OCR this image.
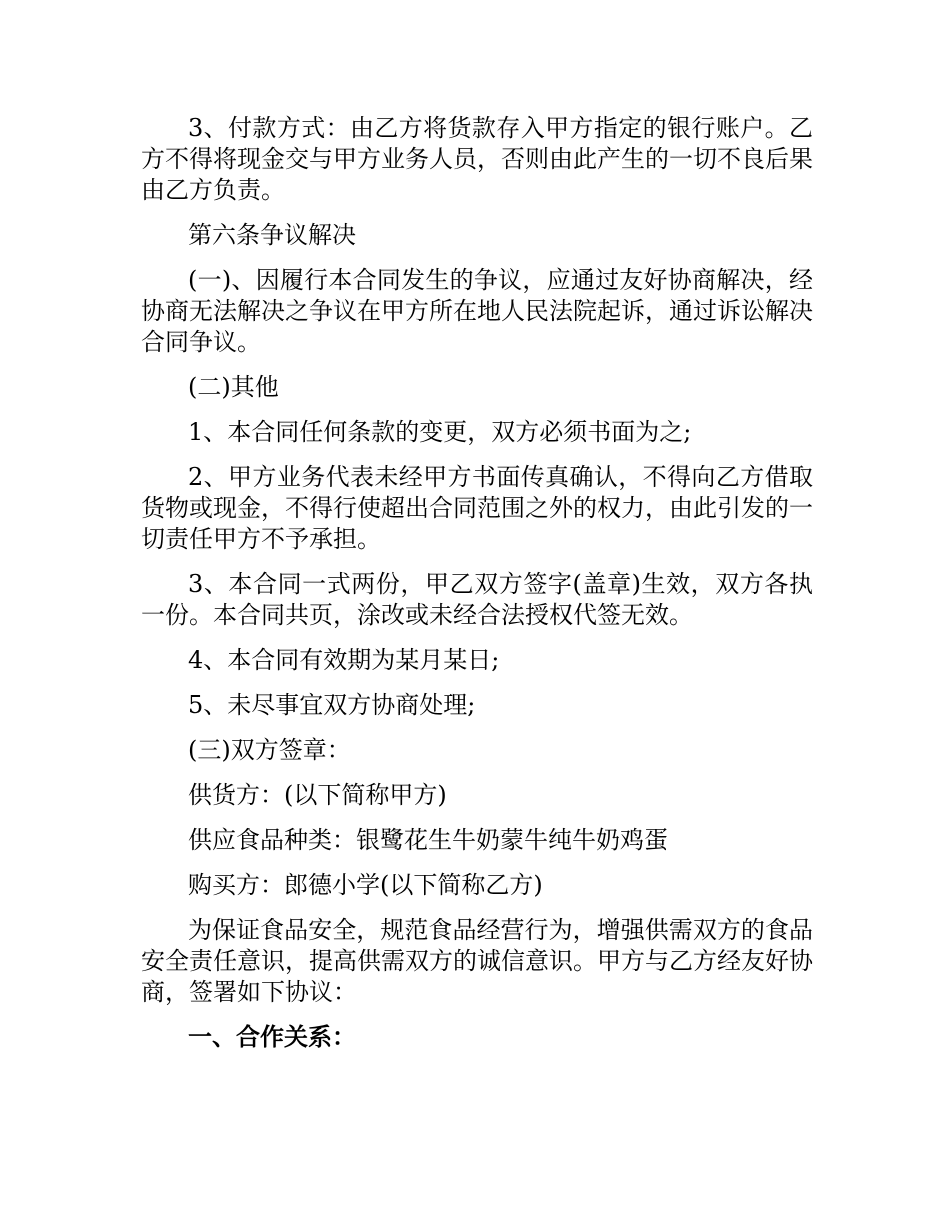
3、付款方式：由乙方将货款存入甲方指定的银行账户。乙方不得将现金交与甲方业务人员，否则由此产生的一切不良后果由乙方负责。

第六条争议解决

(一)、因履行本合同发生的争议，应通过友好协商解决，经协商无法解决之争议在甲方所在地人民法院起诉，通过诉讼解决合同争议。

(二)其他

1、本合同任何条款的变更，双方必须书面为之;

2、甲方业务代表未经甲方书面传真确认，不得向乙方借取货物或现金，不得行使超出合同范围之外的权力，由此引发的一切责任甲方不予承担。

3、本合同一式两份，甲乙双方签字(盖章)生效，双方各执一份。本合同共页，涂改或未经合法授权代签无效。

4、本合同有效期为某月某日;

5、未尽事宜双方协商处理;

(三)双方签章：

供货方：(以下简称甲方)

供应食品种类：银鹭花生牛奶蒙牛纯牛奶鸡蛋

购买方：郎德小学(以下简称乙方)

为保证食品安全，规范食品经营行为，增强供需双方的食品安全责任意识，提高供需双方的诚信意识。甲方与乙方经友好协商，签署如下协议：

一、合作关系：
